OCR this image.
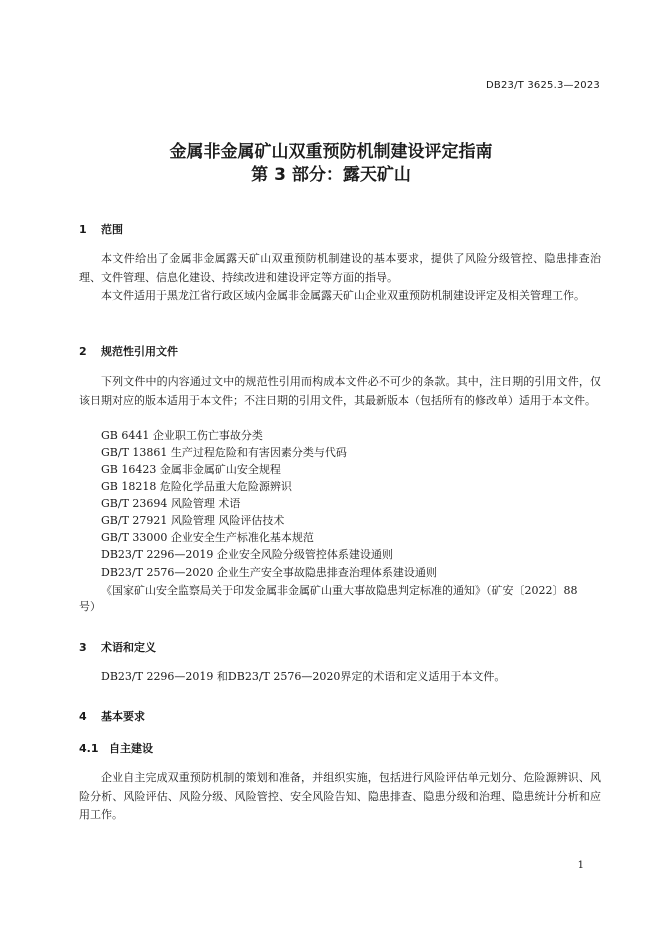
DB23/T 3625.3—2023
金属非金属矿山双重预防机制建设评定指南
第 3 部分：露天矿山
1 范围
本文件给出了金属非金属露天矿山双重预防机制建设的基本要求，提供了风险分级管控、隐患排查治理、文件管理、信息化建设、持续改进和建设评定等方面的指导。
本文件适用于黑龙江省行政区域内金属非金属露天矿山企业双重预防机制建设评定及相关管理工作。
2 规范性引用文件
下列文件中的内容通过文中的规范性引用而构成本文件必不可少的条款。其中，注日期的引用文件，仅该日期对应的版本适用于本文件；不注日期的引用文件，其最新版本（包括所有的修改单）适用于本文件。
GB 6441 企业职工伤亡事故分类
GB/T 13861 生产过程危险和有害因素分类与代码
GB 16423 金属非金属矿山安全规程
GB 18218 危险化学品重大危险源辨识
GB/T 23694 风险管理 术语
GB/T 27921 风险管理 风险评估技术
GB/T 33000 企业安全生产标准化基本规范
DB23/T 2296—2019 企业安全风险分级管控体系建设通则
DB23/T 2576—2020 企业生产安全事故隐患排查治理体系建设通则
《国家矿山安全监察局关于印发金属非金属矿山重大事故隐患判定标准的通知》（矿安〔2022〕88
号）
3 术语和定义
DB23/T 2296—2019 和DB23/T 2576—2020界定的术语和定义适用于本文件。
4 基本要求
4.1 自主建设
企业自主完成双重预防机制的策划和准备，并组织实施，包括进行风险评估单元划分、危险源辨识、风险分析、风险评估、风险分级、风险管控、安全风险告知、隐患排查、隐患分级和治理、隐患统计分析和应用工作。
1
